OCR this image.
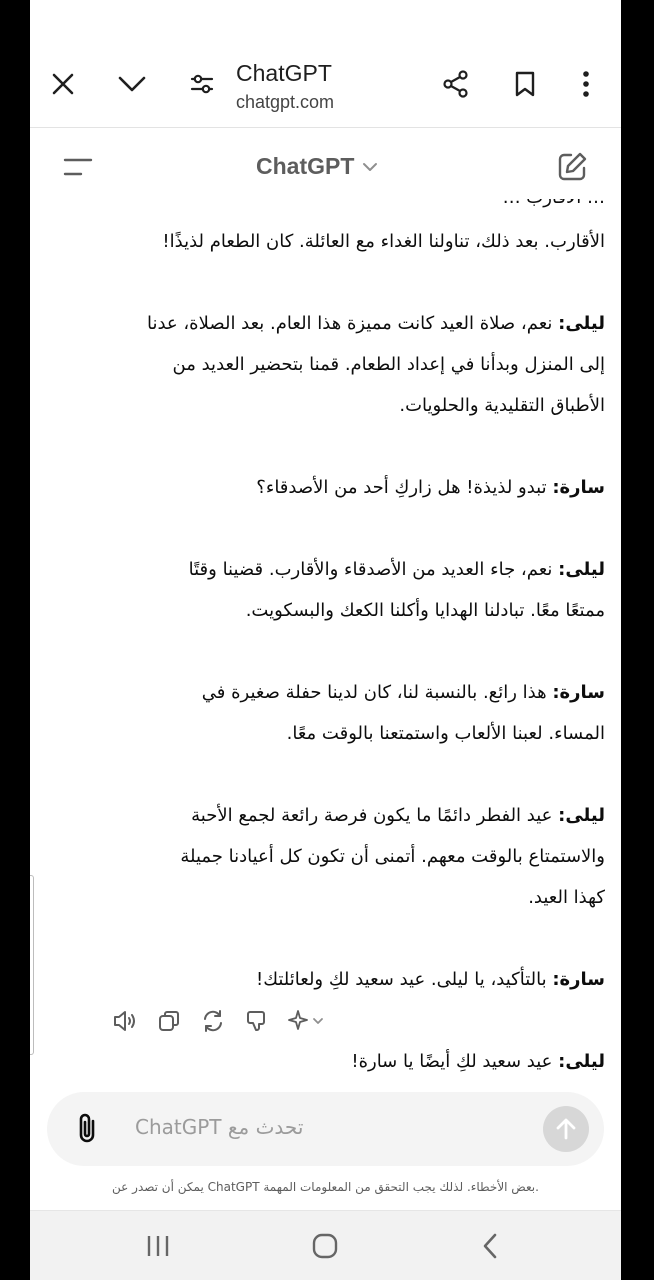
ChatGPT
chatgpt.com
ChatGPT
الأقارب. بعد ذلك، تناولنا الغداء مع العائلة. كان الطعام لذيذًا!
ليلى: نعم، صلاة العيد كانت مميزة هذا العام. بعد الصلاة، عدنا
إلى المنزل وبدأنا في إعداد الطعام. قمنا بتحضير العديد من
الأطباق التقليدية والحلويات.
سارة: تبدو لذيذة! هل زاركِ أحد من الأصدقاء؟
ليلى: نعم، جاء العديد من الأصدقاء والأقارب. قضينا وقتًا
ممتعًا معًا. تبادلنا الهدايا وأكلنا الكعك والبسكويت.
سارة: هذا رائع. بالنسبة لنا، كان لدينا حفلة صغيرة في
المساء. لعبنا الألعاب واستمتعنا بالوقت معًا.
ليلى: عيد الفطر دائمًا ما يكون فرصة رائعة لجمع الأحبة
والاستمتاع بالوقت معهم. أتمنى أن تكون كل أعيادنا جميلة
كهذا العيد.
سارة: بالتأكيد، يا ليلى. عيد سعيد لكِ ولعائلتك!
ليلى: عيد سعيد لكِ أيضًا يا سارة!
تحدث مع ChatGPT
.بعض الأخطاء. لذلك يجب التحقق من المعلومات المهمة ChatGPT يمكن أن تصدر عن
